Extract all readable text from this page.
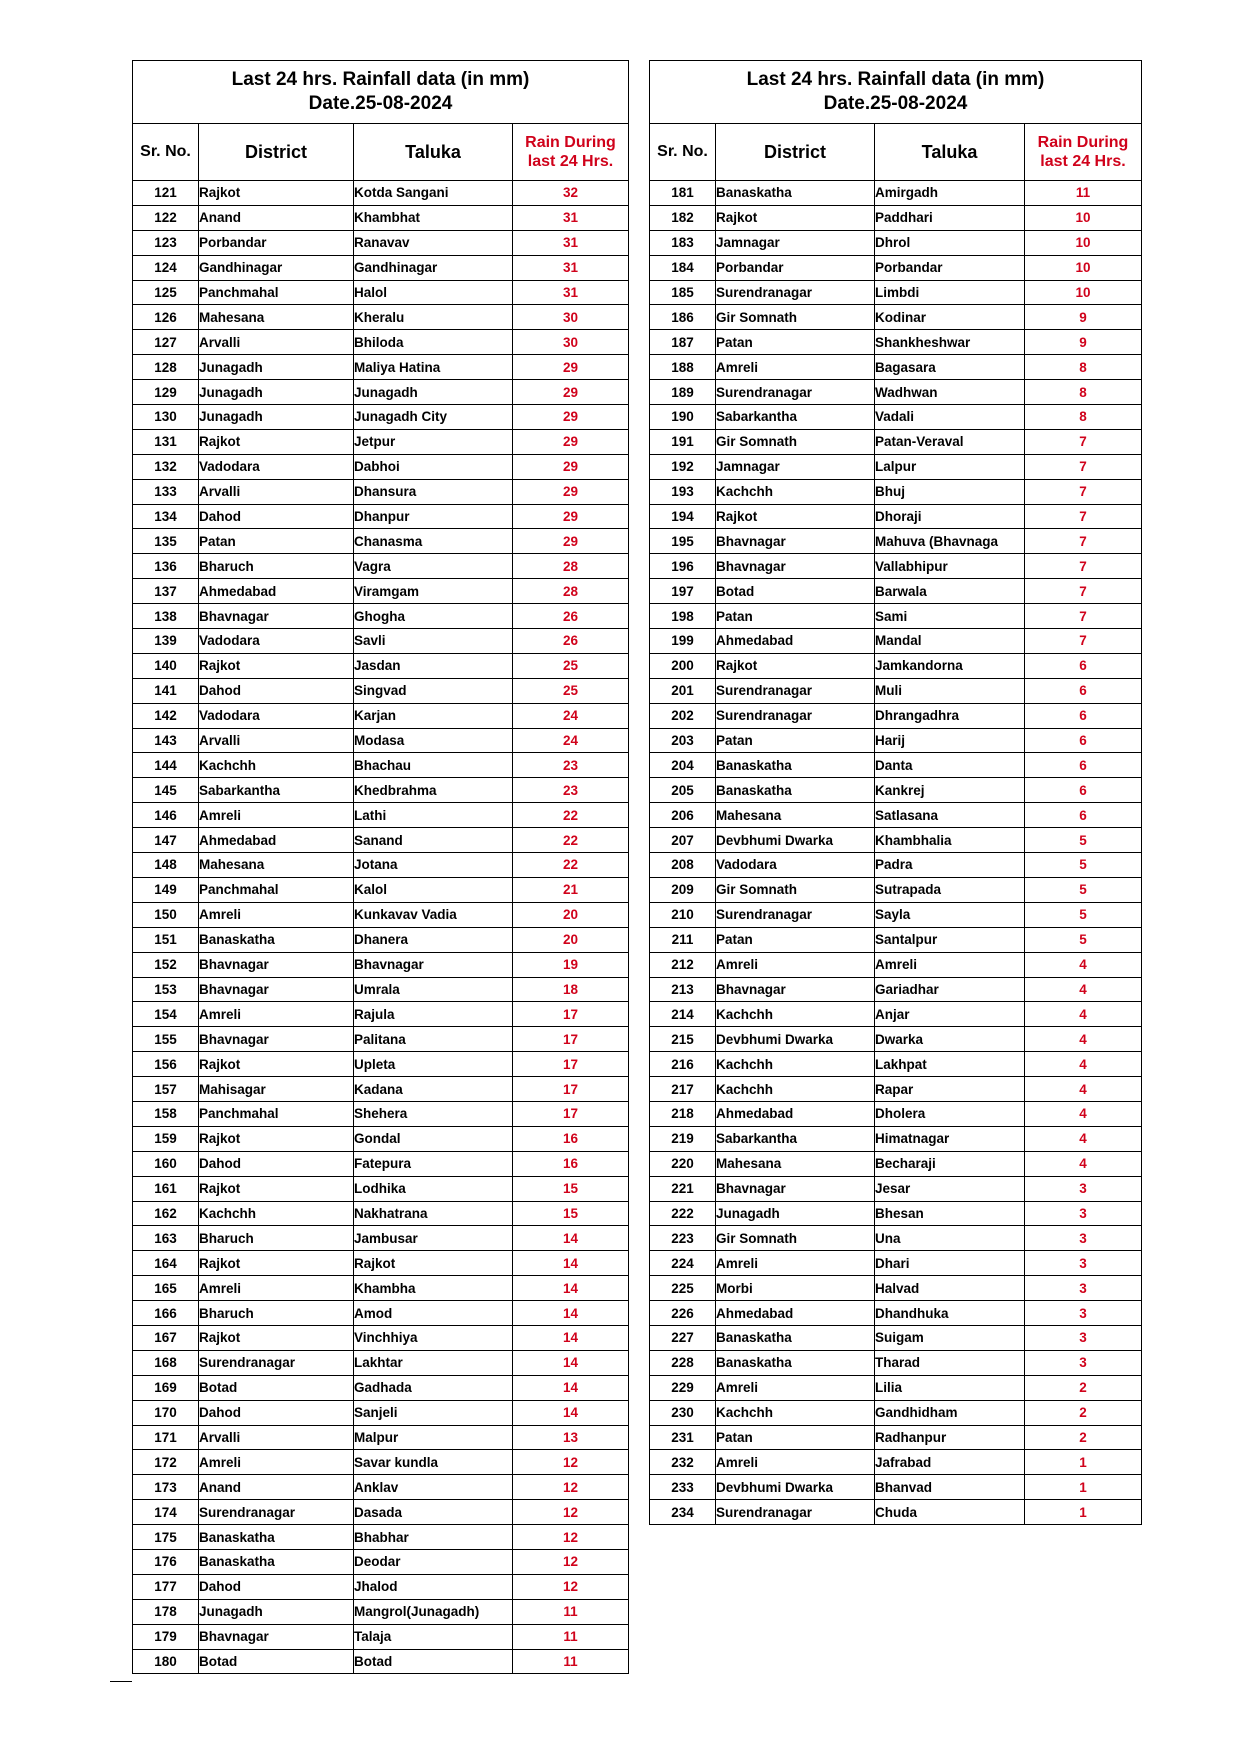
Last 24 hrs. Rainfall data (in mm)
Date.25-08-2024			

Sr. No.	District	Taluka	Rain During
last 24 Hrs.

121	Rajkot	Kotda Sangani	32
122	Anand	Khambhat	31
123	Porbandar	Ranavav	31
124	Gandhinagar	Gandhinagar	31
125	Panchmahal	Halol	31
126	Mahesana	Kheralu	30
127	Arvalli	Bhiloda	30
128	Junagadh	Maliya Hatina	29
129	Junagadh	Junagadh	29
130	Junagadh	Junagadh City	29
131	Rajkot	Jetpur	29
132	Vadodara	Dabhoi	29
133	Arvalli	Dhansura	29
134	Dahod	Dhanpur	29
135	Patan	Chanasma	29
136	Bharuch	Vagra	28
137	Ahmedabad	Viramgam	28
138	Bhavnagar	Ghogha	26
139	Vadodara	Savli	26
140	Rajkot	Jasdan	25
141	Dahod	Singvad	25
142	Vadodara	Karjan	24
143	Arvalli	Modasa	24
144	Kachchh	Bhachau	23
145	Sabarkantha	Khedbrahma	23
146	Amreli	Lathi	22
147	Ahmedabad	Sanand	22
148	Mahesana	Jotana	22
149	Panchmahal	Kalol	21
150	Amreli	Kunkavav Vadia	20
151	Banaskatha	Dhanera	20
152	Bhavnagar	Bhavnagar	19
153	Bhavnagar	Umrala	18
154	Amreli	Rajula	17
155	Bhavnagar	Palitana	17
156	Rajkot	Upleta	17
157	Mahisagar	Kadana	17
158	Panchmahal	Shehera	17
159	Rajkot	Gondal	16
160	Dahod	Fatepura	16
161	Rajkot	Lodhika	15
162	Kachchh	Nakhatrana	15
163	Bharuch	Jambusar	14
164	Rajkot	Rajkot	14
165	Amreli	Khambha	14
166	Bharuch	Amod	14
167	Rajkot	Vinchhiya	14
168	Surendranagar	Lakhtar	14
169	Botad	Gadhada	14
170	Dahod	Sanjeli	14
171	Arvalli	Malpur	13
172	Amreli	Savar kundla	12
173	Anand	Anklav	12
174	Surendranagar	Dasada	12
175	Banaskatha	Bhabhar	12
176	Banaskatha	Deodar	12
177	Dahod	Jhalod	12
178	Junagadh	Mangrol(Junagadh)	11
179	Bhavnagar	Talaja	11
180	Botad	Botad	11
Last 24 hrs. Rainfall data (in mm)
Date.25-08-2024			

Sr. No.	District	Taluka	Rain During
last 24 Hrs.

181	Banaskatha	Amirgadh	11
182	Rajkot	Paddhari	10
183	Jamnagar	Dhrol	10
184	Porbandar	Porbandar	10
185	Surendranagar	Limbdi	10
186	Gir Somnath	Kodinar	9
187	Patan	Shankheshwar	9
188	Amreli	Bagasara	8
189	Surendranagar	Wadhwan	8
190	Sabarkantha	Vadali	8
191	Gir Somnath	Patan-Veraval	7
192	Jamnagar	Lalpur	7
193	Kachchh	Bhuj	7
194	Rajkot	Dhoraji	7
195	Bhavnagar	Mahuva (Bhavnaga	7
196	Bhavnagar	Vallabhipur	7
197	Botad	Barwala	7
198	Patan	Sami	7
199	Ahmedabad	Mandal	7
200	Rajkot	Jamkandorna	6
201	Surendranagar	Muli	6
202	Surendranagar	Dhrangadhra	6
203	Patan	Harij	6
204	Banaskatha	Danta	6
205	Banaskatha	Kankrej	6
206	Mahesana	Satlasana	6
207	Devbhumi Dwarka	Khambhalia	5
208	Vadodara	Padra	5
209	Gir Somnath	Sutrapada	5
210	Surendranagar	Sayla	5
211	Patan	Santalpur	5
212	Amreli	Amreli	4
213	Bhavnagar	Gariadhar	4
214	Kachchh	Anjar	4
215	Devbhumi Dwarka	Dwarka	4
216	Kachchh	Lakhpat	4
217	Kachchh	Rapar	4
218	Ahmedabad	Dholera	4
219	Sabarkantha	Himatnagar	4
220	Mahesana	Becharaji	4
221	Bhavnagar	Jesar	3
222	Junagadh	Bhesan	3
223	Gir Somnath	Una	3
224	Amreli	Dhari	3
225	Morbi	Halvad	3
226	Ahmedabad	Dhandhuka	3
227	Banaskatha	Suigam	3
228	Banaskatha	Tharad	3
229	Amreli	Lilia	2
230	Kachchh	Gandhidham	2
231	Patan	Radhanpur	2
232	Amreli	Jafrabad	1
233	Devbhumi Dwarka	Bhanvad	1
234	Surendranagar	Chuda	1
